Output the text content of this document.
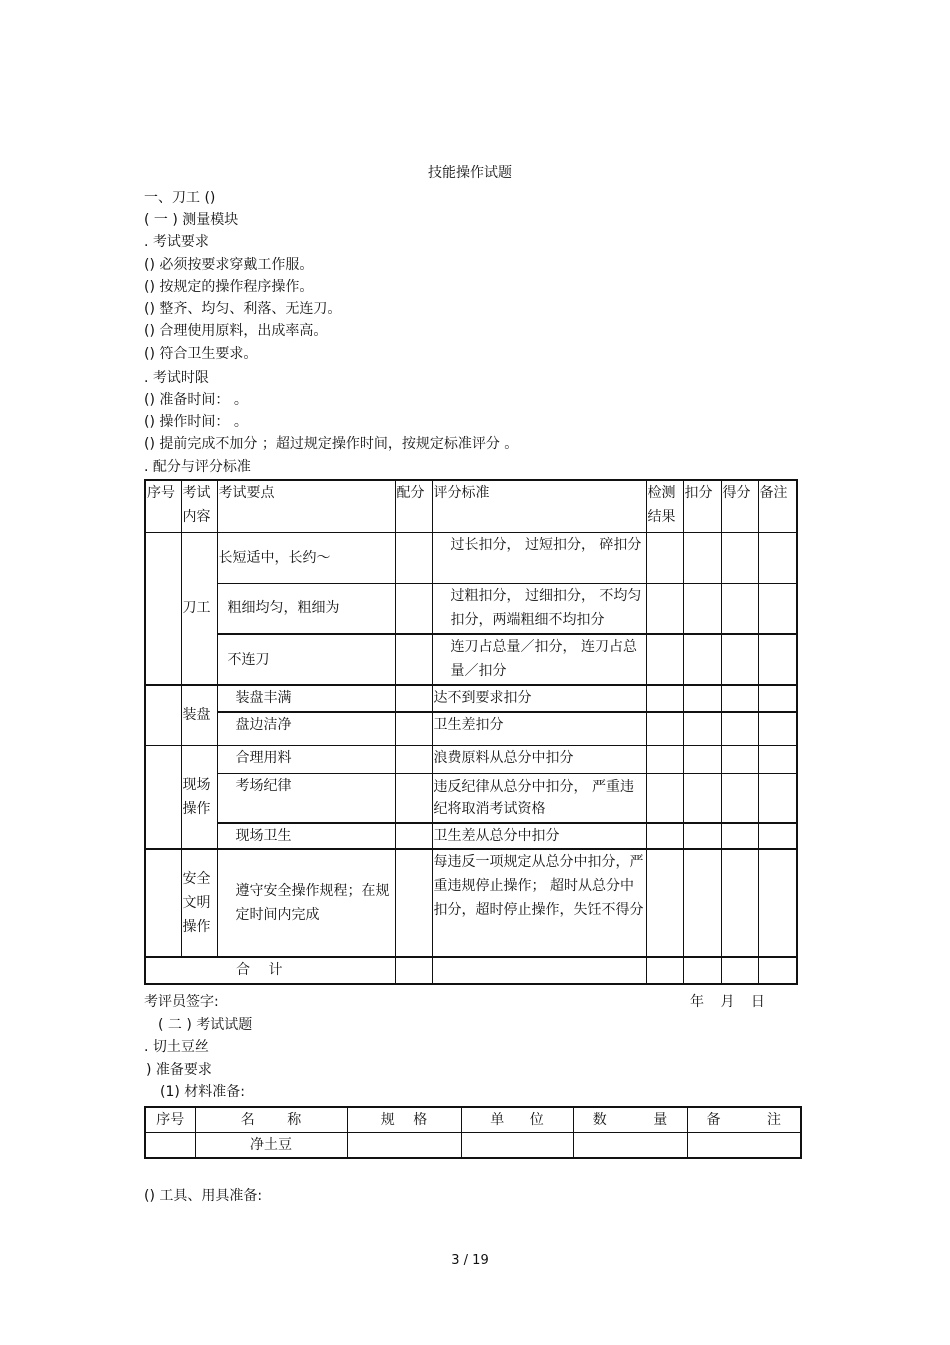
技能操作试题
一、刀工 ()
( 一 ) 测量模块
. 考试要求
() 必须按要求穿戴工作服。
() 按规定的操作程序操作。
() 整齐、均匀、利落、无连刀。
() 合理使用原料，出成率高。
() 符合卫生要求。
. 考试时限
() 准备时间： 。
() 操作时间： 。
() 提前完成不加分 ；超过规定操作时间，按规定标准评分 。
. 配分与评分标准
序号	考试内容	考试要点	配分	评分标准	检测结果	扣分	得分	备注
	刀工	长短适中，长约～		过长扣分， 过短扣分， 碎扣分				
		粗细均匀，粗细为		过粗扣分， 过细扣分， 不均匀扣分，两端粗细不均扣分				
		不连刀		连刀占总量／扣分， 连刀占总量／扣分				
	装盘	装盘丰满		达不到要求扣分				
		盘边洁净		卫生差扣分				
	现场操作	合理用料		浪费原料从总分中扣分				
		考场纪律		违反纪律从总分中扣分， 严重违纪将取消考试资格				
		现场卫生		卫生差从总分中扣分				
	安全文明操作	遵守安全操作规程；在规定时间内完成		每违反一项规定从总分中扣分，严重违规停止操作； 超时从总分中扣分，超时停止操作，失饪不得分				
合 计								
考评员签字:	年 月 日
( 二 ) 考试试题
. 切土豆丝
) 准备要求
(1) 材料准备:
序号	名 称	规 格	单 位	数 量	备 注
	净土豆				
() 工具、用具准备:
3 / 19
